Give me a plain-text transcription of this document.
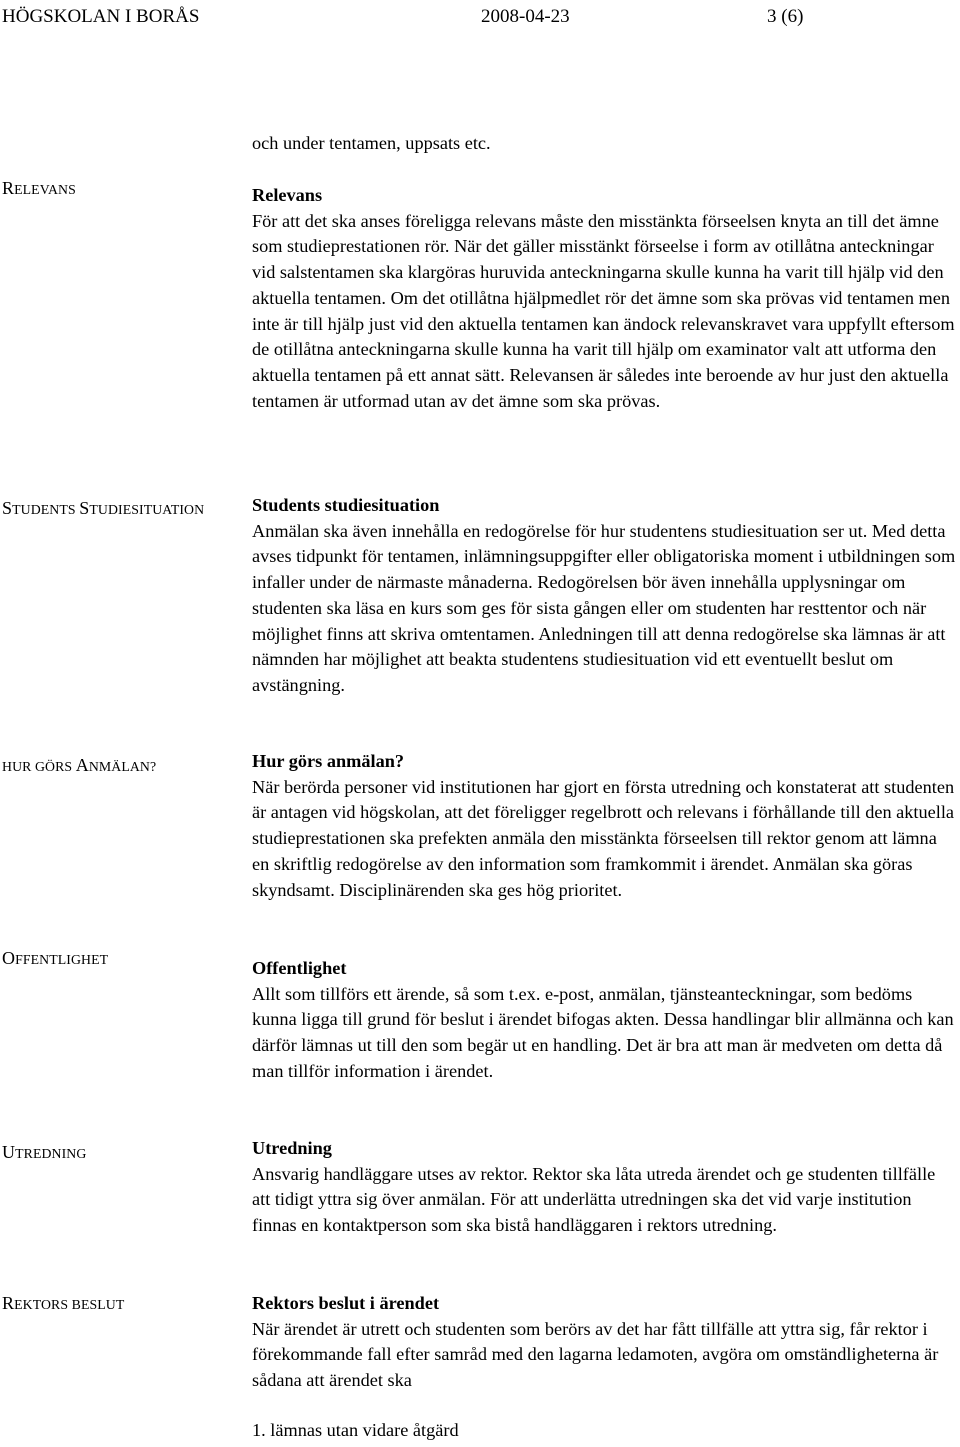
HÖGSKOLAN I BORÅS	2008-04-23	3 (6)

och under tentamen, uppsats etc.

RELEVANS
STUDENTS STUDIESITUATION
HUR GÖRS ANMÄLAN?
OFFENTLIGHET
UTREDNING
REKTORS BESLUT

Relevans

För att det ska anses föreligga relevans måste den misstänkta förseelsen knyta an till det ämne som studieprestationen rör. När det gäller misstänkt förseelse i form av otillåtna anteckningar vid salstentamen ska klargöras huruvida anteckningarna skulle kunna ha varit till hjälp vid den aktuella tentamen. Om det otillåtna hjälpmedlet rör det ämne som ska prövas vid tentamen men inte är till hjälp just vid den aktuella tentamen kan ändock relevanskravet vara uppfyllt eftersom de otillåtna anteckningarna skulle kunna ha varit till hjälp om examinator valt att utforma den aktuella tentamen på ett annat sätt. Relevansen är således inte beroende av hur just den aktuella tentamen är utformad utan av det ämne som ska prövas.

Students studiesituation

Anmälan ska även innehålla en redogörelse för hur studentens studiesituation ser ut. Med detta avses tidpunkt för tentamen, inlämningsuppgifter eller obligatoriska moment i utbildningen som infaller under de närmaste månaderna. Redogörelsen bör även innehålla upplysningar om studenten ska läsa en kurs som ges för sista gången eller om studenten har resttentor och när möjlighet finns att skriva omtentamen. Anledningen till att denna redogörelse ska lämnas är att nämnden har möjlighet att beakta studentens studiesituation vid ett eventuellt beslut om avstängning.

Hur görs anmälan?

När berörda personer vid institutionen har gjort en första utredning och konstaterat att studenten är antagen vid högskolan, att det föreligger regelbrott och relevans i förhållande till den aktuella studieprestationen ska prefekten anmäla den misstänkta förseelsen till rektor genom att lämna en skriftlig redogörelse av den information som framkommit i ärendet. Anmälan ska göras skyndsamt. Disciplinärenden ska ges hög prioritet.

Offentlighet

Allt som tillförs ett ärende, så som t.ex. e-post, anmälan, tjänsteanteckningar, som bedöms kunna ligga till grund för beslut i ärendet bifogas akten. Dessa handlingar blir allmänna och kan därför lämnas ut till den som begär ut en handling. Det är bra att man är medveten om detta då man tillför information i ärendet.

Utredning

Ansvarig handläggare utses av rektor. Rektor ska låta utreda ärendet och ge studenten tillfälle att tidigt yttra sig över anmälan. För att underlätta utredningen ska det vid varje institution finnas en kontaktperson som ska bistå handläggaren i rektors utredning.

Rektors beslut i ärendet

När ärendet är utrett och studenten som berörs av det har fått tillfälle att yttra sig, får rektor i förekommande fall efter samråd med den lagarna ledamoten, avgöra om omständligheterna är sådana att ärendet ska

1. lämnas utan vidare åtgärd
